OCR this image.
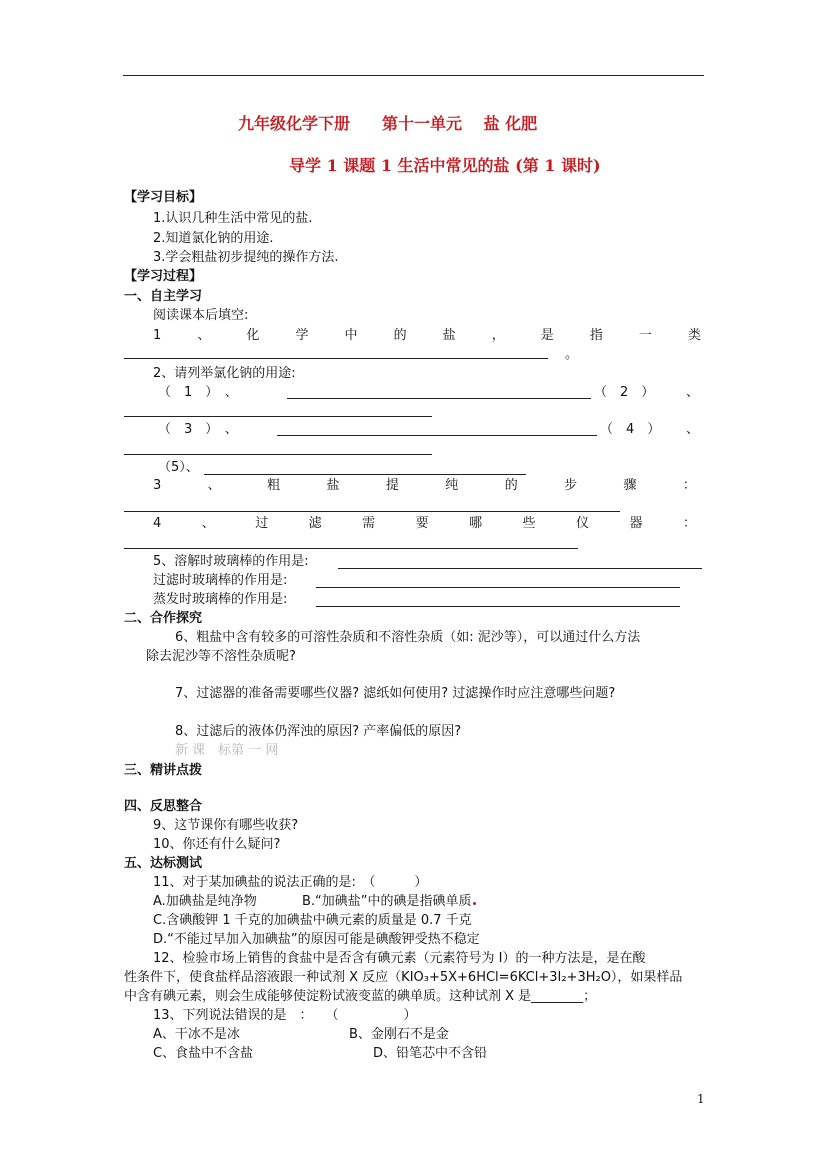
九年级化学下册　　第十一单元　 盐 化肥
导学 1 课题 1 生活中常见的盐 (第 1 课时)
【学习目标】
1.认识几种生活中常见的盐.
2.知道氯化钠的用途.
3.学会粗盐初步提纯的操作方法.
【学习过程】
一、自主学习
阅读课本后填空:
1	、	化	学	中	的	盐	，	是	指	一	类
。
2、请列举氯化钠的用途:
（　1　）　、	（　2　） 、
（　3　）　、	（　4　） 、
（5）、
3	、	粗	盐	提	纯	的	步	骤	：
4	、	过	滤	需	要	哪	些	仪	器	：
5、溶解时玻璃棒的作用是:
过滤时玻璃棒的作用是:
蒸发时玻璃棒的作用是:
二、合作探究
6、粗盐中含有较多的可溶性杂质和不溶性杂质（如: 泥沙等），可以通过什么方法
除去泥沙等不溶性杂质呢?
7、过滤器的准备需要哪些仪器? 滤纸如何使用? 过滤操作时应注意哪些问题?
8、过滤后的液体仍浑浊的原因? 产率偏低的原因?
新 课　标第 一 网
三、精讲点拨
四、反思整合
9、这节课你有哪些收获?
10、你还有什么疑问?
五、达标测试
11、对于某加碘盐的说法正确的是:　（　　　）
A.加碘盐是纯净物	B.“加碘盐”中的碘是指碘单质
C.含碘酸钾 1 千克的加碘盐中碘元素的质量是 0.7 千克
D.“不能过早加入加碘盐”的原因可能是碘酸钾受热不稳定
12、检验市场上销售的食盐中是否含有碘元素（元素符号为 I）的一种方法是，是在酸
性条件下，使食盐样品溶液跟一种试剂 X 反应（KIO₃+5X+6HCl=6KCl+3I₂+3H₂O），如果样品
中含有碘元素，则会生成能够使淀粉试液变蓝的碘单质。这种试剂 X 是________；
13、下列说法错误的是　：　　（　　　　　）
A、干冰不是冰	B、金刚石不是金
C、食盐中不含盐	D、铅笔芯中不含铅
1
